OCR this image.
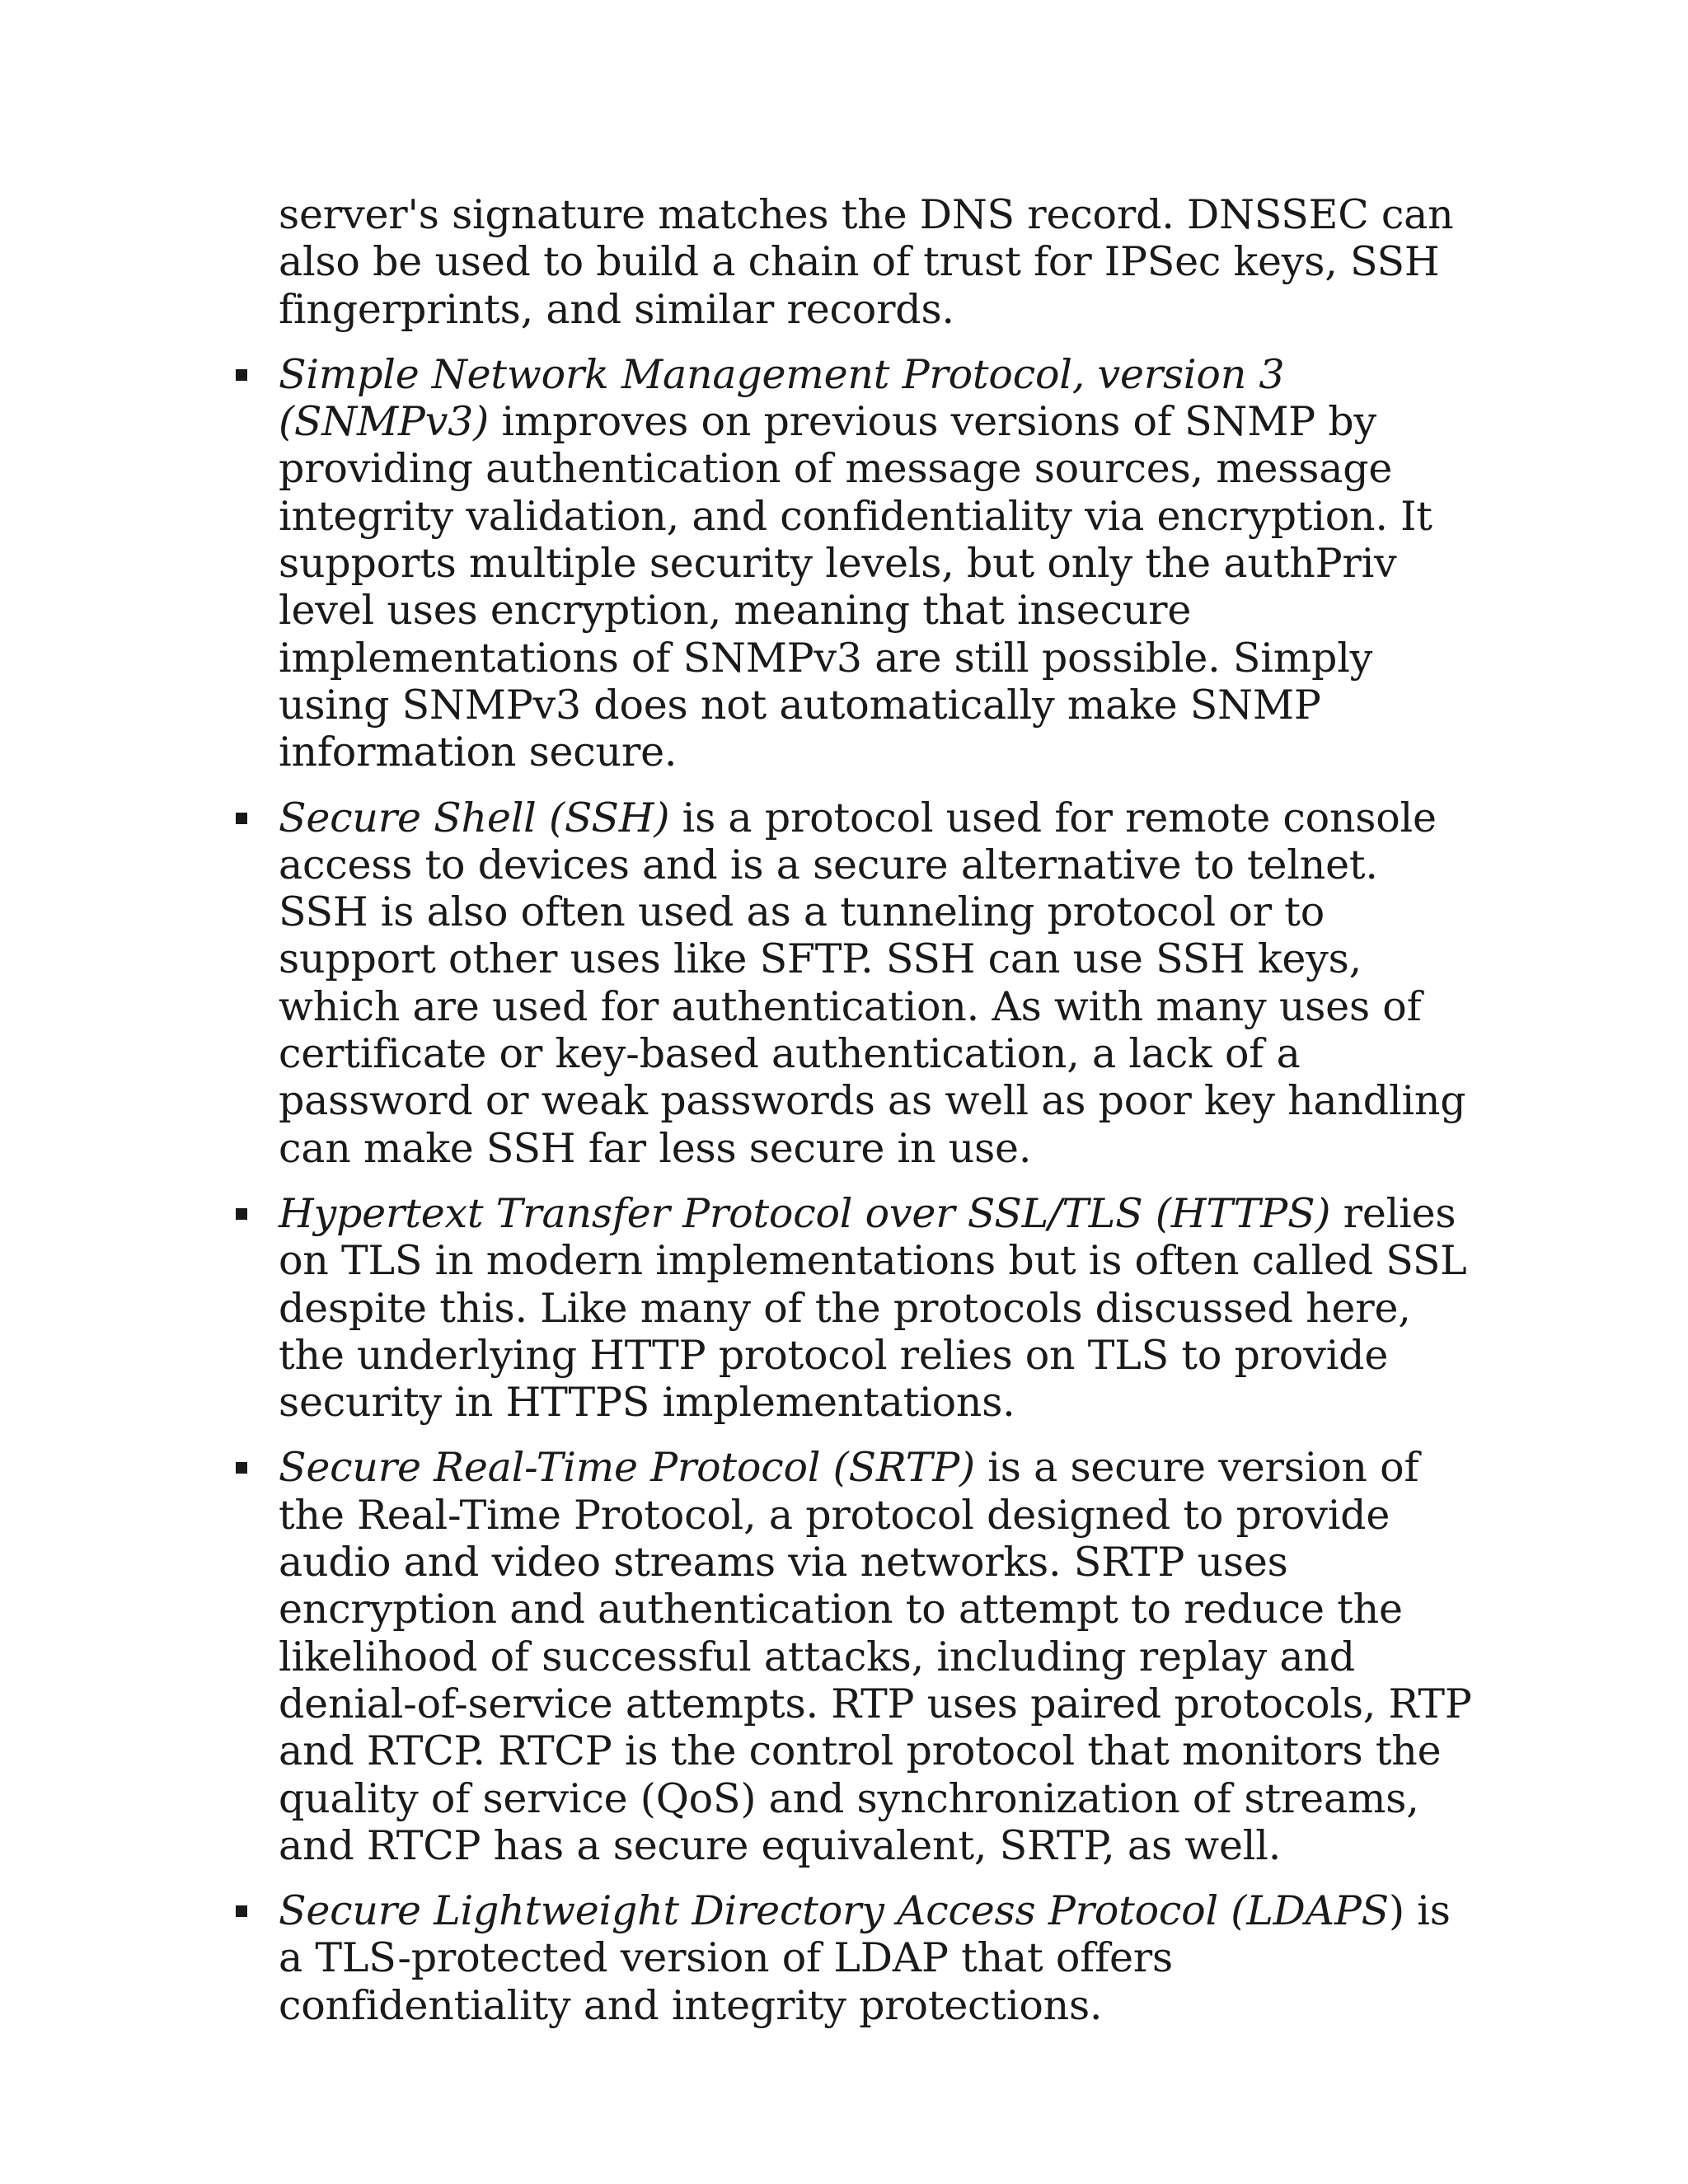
server's signature matches the DNS record. DNSSEC can also be used to build a chain of trust for IPSec keys, SSH fingerprints, and similar records.

Simple Network Management Protocol, version 3 (SNMPv3) improves on previous versions of SNMP by providing authentication of message sources, message integrity validation, and confidentiality via encryption. It supports multiple security levels, but only the authPriv level uses encryption, meaning that insecure implementations of SNMPv3 are still possible. Simply using SNMPv3 does not automatically make SNMP information secure.
Secure Shell (SSH) is a protocol used for remote console access to devices and is a secure alternative to telnet. SSH is also often used as a tunneling protocol or to support other uses like SFTP. SSH can use SSH keys, which are used for authentication. As with many uses of certificate or key-based authentication, a lack of a password or weak passwords as well as poor key handling can make SSH far less secure in use.
Hypertext Transfer Protocol over SSL/TLS (HTTPS) relies on TLS in modern implementations but is often called SSL despite this. Like many of the protocols discussed here, the underlying HTTP protocol relies on TLS to provide security in HTTPS implementations.
Secure Real-Time Protocol (SRTP) is a secure version of the Real-Time Protocol, a protocol designed to provide audio and video streams via networks. SRTP uses encryption and authentication to attempt to reduce the likelihood of successful attacks, including replay and denial-of-service attempts. RTP uses paired protocols, RTP and RTCP. RTCP is the control protocol that monitors the quality of service (QoS) and synchronization of streams, and RTCP has a secure equivalent, SRTP, as well.
Secure Lightweight Directory Access Protocol (LDAPS) is a TLS-protected version of LDAP that offers confidentiality and integrity protections.
